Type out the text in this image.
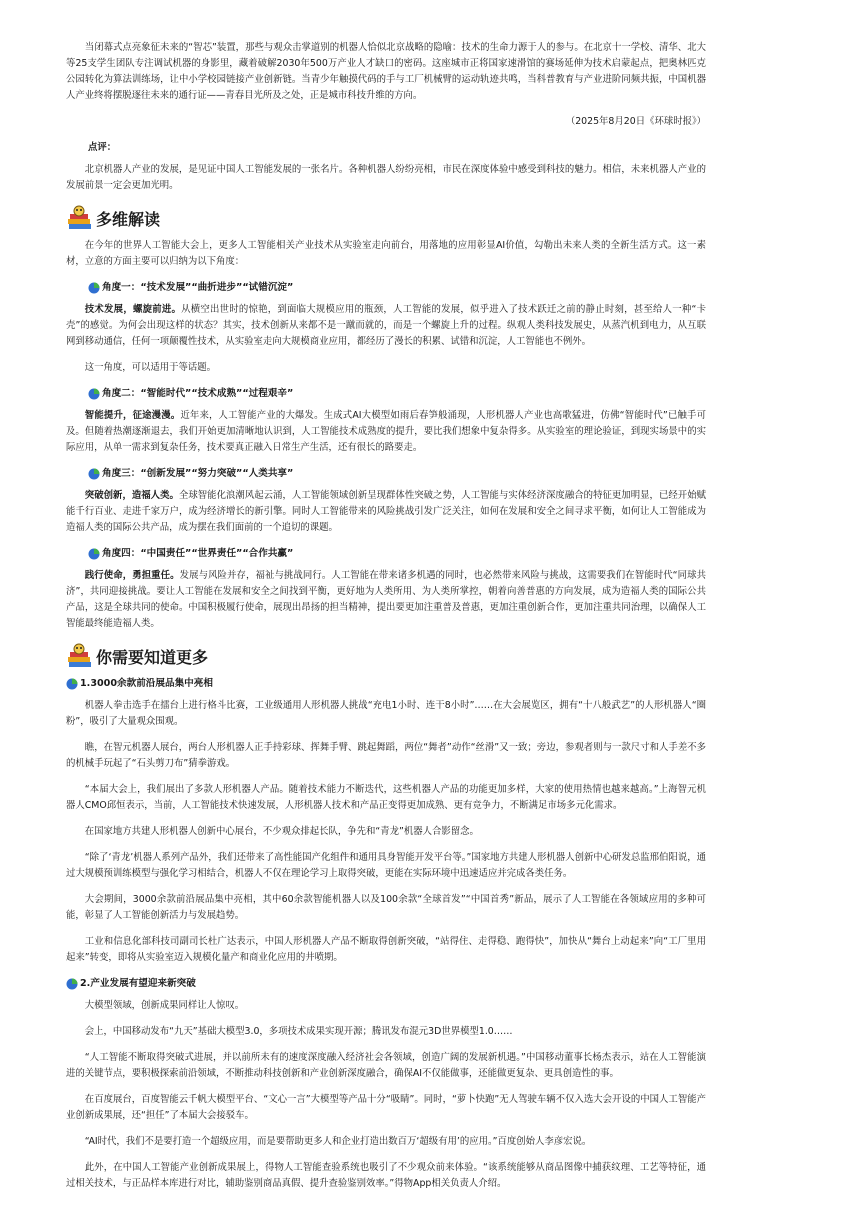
当闭幕式点亮象征未来的“智芯”装置，那些与观众击掌道别的机器人恰似北京战略的隐喻：技术的生命力源于人的参与。在北京十一学校、清华、北大等25支学生团队专注调试机器的身影里，藏着破解2030年500万产业人才缺口的密码。这座城市正将国家速滑馆的赛场延伸为技术启蒙起点，把奥林匹克公园转化为算法训练场，让中小学校园链接产业创新链。当青少年触摸代码的手与工厂机械臂的运动轨迹共鸣，当科普教育与产业进阶同频共振，中国机器人产业终将摆脱逐往未来的通行证——青春目光所及之处，正是城市科技升维的方向。

（2025年8月20日《环球时报》）
点评：

北京机器人产业的发展，是见证中国人工智能发展的一张名片。各种机器人纷纷亮相，市民在深度体验中感受到科技的魅力。相信，未来机器人产业的发展前景一定会更加光明。

多维解读

在今年的世界人工智能大会上，更多人工智能相关产业技术从实验室走向前台，用落地的应用彰显AI价值，勾勒出未来人类的全新生活方式。这一素材，立意的方面主要可以归纳为以下角度：

角度一：“技术发展”“曲折进步”“试错沉淀”

技术发展，螺旋前进。从横空出世时的惊艳，到面临大规模应用的瓶颈，人工智能的发展，似乎进入了技术跃迁之前的静止时刻，甚至给人一种“卡壳”的感觉。为何会出现这样的状态？其实，技术创新从来都不是一蹴而就的，而是一个螺旋上升的过程。纵观人类科技发展史，从蒸汽机到电力，从互联网到移动通信，任何一项颠覆性技术，从实验室走向大规模商业应用，都经历了漫长的积累、试错和沉淀，人工智能也不例外。

这一角度，可以适用于等话题。

角度二：“智能时代”“技术成熟”“过程艰辛”

智能提升，征途漫漫。近年来，人工智能产业的大爆发。生成式AI大模型如雨后春笋般涌现，人形机器人产业也高歌猛进，仿佛“智能时代”已触手可及。但随着热潮逐渐退去，我们开始更加清晰地认识到，人工智能技术成熟度的提升，要比我们想象中复杂得多。从实验室的理论验证，到现实场景中的实际应用，从单一需求到复杂任务，技术要真正融入日常生产生活，还有很长的路要走。

角度三：“创新发展”“努力突破”“人类共享”

突破创新，造福人类。全球智能化浪潮风起云涌，人工智能领域创新呈现群体性突破之势，人工智能与实体经济深度融合的特征更加明显，已经开始赋能千行百业、走进千家万户，成为经济增长的新引擎。同时人工智能带来的风险挑战引发广泛关注，如何在发展和安全之间寻求平衡，如何让人工智能成为造福人类的国际公共产品，成为摆在我们面前的一个追切的课题。

角度四：“中国责任”“世界责任”“合作共赢”

践行使命，勇担重任。发展与风险并存，福祉与挑战同行。人工智能在带来诸多机遇的同时，也必然带来风险与挑战，这需要我们在智能时代“同球共济”，共同迎接挑战。要让人工智能在发展和安全之间找到平衡，更好地为人类所用、为人类所掌控，朝着向善普惠的方向发展，成为造福人类的国际公共产品，这是全球共同的使命。中国积极履行使命，展现出昂扬的担当精神，提出要更加注重普及普惠，更加注重创新合作，更加注重共同治理，以确保人工智能最终能造福人类。

你需要知道更多
1.3000余款前沿展品集中亮相

机器人拳击选手在擂台上进行格斗比赛，工业级通用人形机器人挑战“充电1小时、连干8小时”……在大会展览区，拥有“十八般武艺”的人形机器人“圈粉”，吸引了大量观众围观。

瞧，在智元机器人展台，两台人形机器人正手持彩球、挥舞手臂、跳起舞蹈，两位“舞者”动作“丝滑”又一致；旁边，参观者则与一款尺寸和人手差不多的机械手玩起了“石头剪刀布”猜拳游戏。

“本届大会上，我们展出了多款人形机器人产品。随着技术能力不断迭代，这些机器人产品的功能更加多样，大家的使用热情也越来越高。”上海智元机器人CMO邱恒表示，当前，人工智能技术快速发展，人形机器人技术和产品正变得更加成熟、更有竞争力，不断满足市场多元化需求。

在国家地方共建人形机器人创新中心展台，不少观众排起长队，争先和“青龙”机器人合影留念。

“除了‘青龙’机器人系列产品外，我们还带来了高性能国产化组件和通用具身智能开发平台等。”国家地方共建人形机器人创新中心研发总监邢伯阳说，通过大规模预训练模型与强化学习相结合，机器人不仅在理论学习上取得突破，更能在实际环境中迅速适应并完成各类任务。

大会期间，3000余款前沿展品集中亮相，其中60余款智能机器人以及100余款“全球首发”“中国首秀”新品，展示了人工智能在各领域应用的多种可能，彰显了人工智能创新活力与发展趋势。

工业和信息化部科技司副司长杜广达表示，中国人形机器人产品不断取得创新突破，“站得住、走得稳、跑得快”，加快从“舞台上动起来”向“工厂里用起来”转变，即将从实验室迈入规模化量产和商业化应用的井喷期。

2.产业发展有望迎来新突破

大模型领域，创新成果同样让人惊叹。

会上，中国移动发布“九天”基础大模型3.0，多项技术成果实现开源；腾讯发布混元3D世界模型1.0……

“人工智能不断取得突破式进展，并以前所未有的速度深度融入经济社会各领域，创造广阔的发展新机遇。”中国移动董事长杨杰表示，站在人工智能演进的关键节点，要积极探索前沿领域，不断推动科技创新和产业创新深度融合，确保AI不仅能做事，还能做更复杂、更具创造性的事。

在百度展台，百度智能云千帆大模型平台、“文心一言”大模型等产品十分“吸睛”。同时，“萝卜快跑”无人驾驶车辆不仅入选大会开设的中国人工智能产业创新成果展，还“担任”了本届大会接驳车。

“AI时代，我们不是要打造一个超级应用，而是要帮助更多人和企业打造出数百万‘超级有用’的应用。”百度创始人李彦宏说。

此外，在中国人工智能产业创新成果展上，得物人工智能查验系统也吸引了不少观众前来体验。“该系统能够从商品图像中捕获纹理、工艺等特征，通过相关技术，与正品样本库进行对比，辅助鉴别商品真假、提升查验鉴别效率。”得物App相关负责人介绍。
